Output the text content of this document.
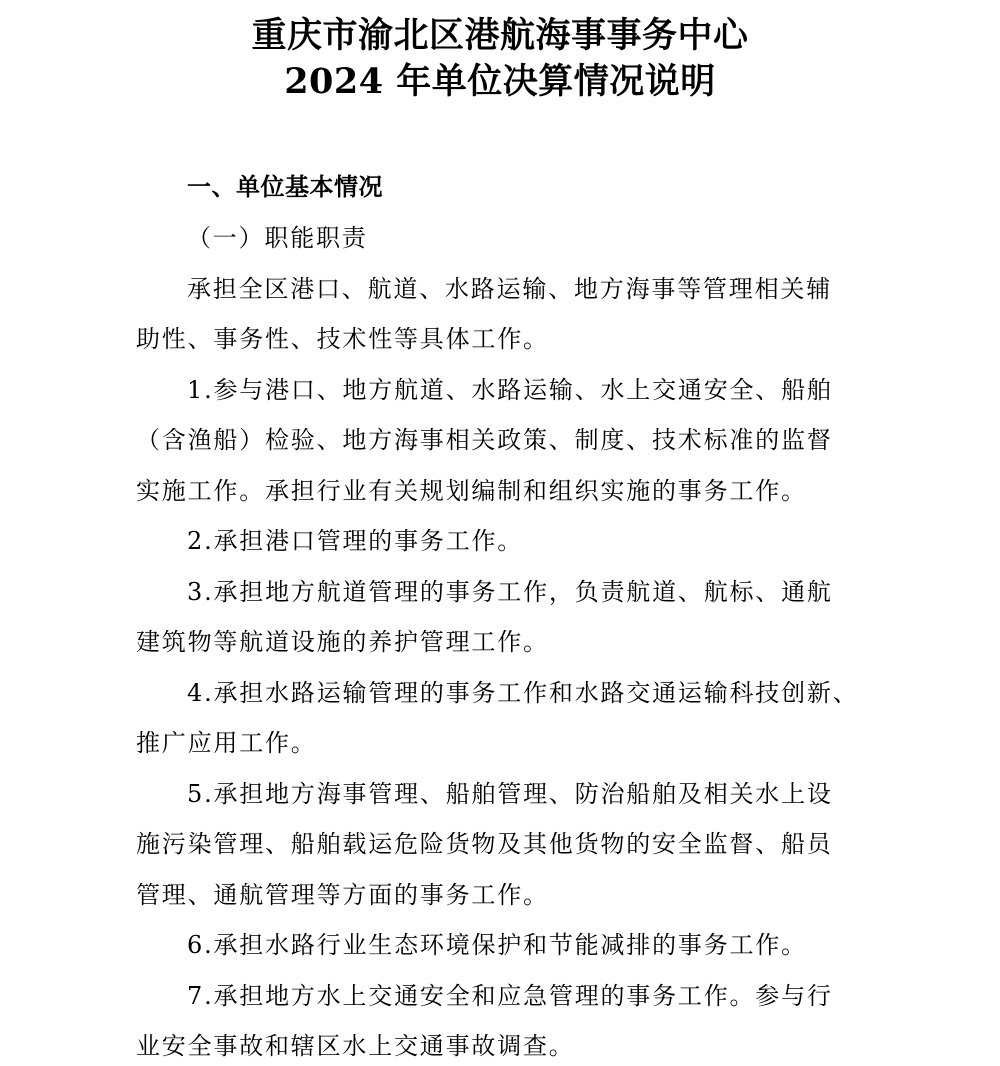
重庆市渝北区港航海事事务中心
2024 年单位决算情况说明
一、单位基本情况
（一）职能职责
承担全区港口、航道、水路运输、地方海事等管理相关辅
助性、事务性、技术性等具体工作。
1.参与港口、地方航道、水路运输、水上交通安全、船舶
（含渔船）检验、地方海事相关政策、制度、技术标准的监督
实施工作。承担行业有关规划编制和组织实施的事务工作。
2.承担港口管理的事务工作。
3.承担地方航道管理的事务工作，负责航道、航标、通航
建筑物等航道设施的养护管理工作。
4.承担水路运输管理的事务工作和水路交通运输科技创新、
推广应用工作。
5.承担地方海事管理、船舶管理、防治船舶及相关水上设
施污染管理、船舶载运危险货物及其他货物的安全监督、船员
管理、通航管理等方面的事务工作。
6.承担水路行业生态环境保护和节能减排的事务工作。
7.承担地方水上交通安全和应急管理的事务工作。参与行
业安全事故和辖区水上交通事故调查。
